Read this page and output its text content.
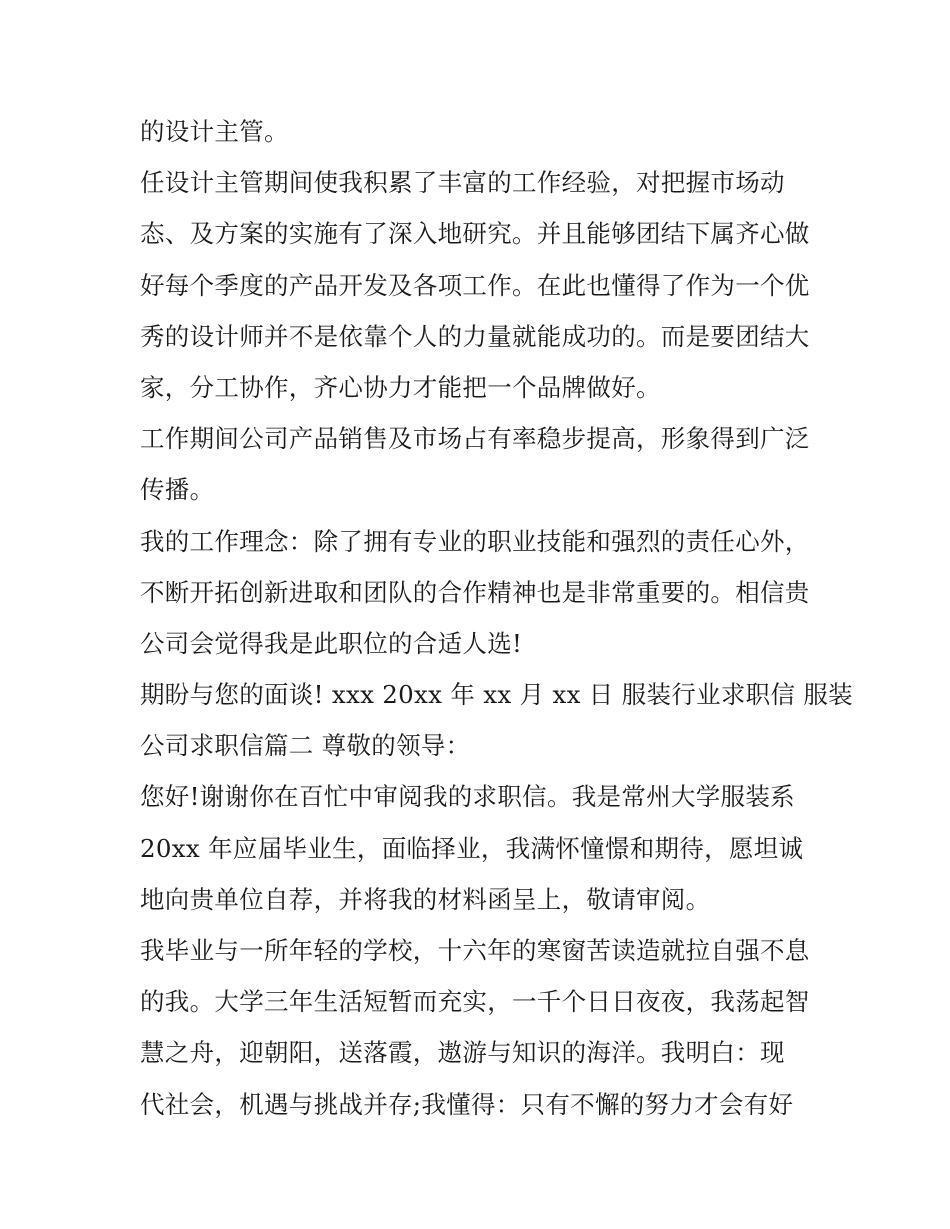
的设计主管。
任设计主管期间使我积累了丰富的工作经验，对把握市场动
态、及方案的实施有了深入地研究。并且能够团结下属齐心做
好每个季度的产品开发及各项工作。在此也懂得了作为一个优
秀的设计师并不是依靠个人的力量就能成功的。而是要团结大
家，分工协作，齐心协力才能把一个品牌做好。
工作期间公司产品销售及市场占有率稳步提高，形象得到广泛
传播。
我的工作理念：除了拥有专业的职业技能和强烈的责任心外，
不断开拓创新进取和团队的合作精神也是非常重要的。相信贵
公司会觉得我是此职位的合适人选!
期盼与您的面谈! xxx 20xx 年 xx 月 xx 日 服装行业求职信 服装
公司求职信篇二 尊敬的领导：
您好!谢谢你在百忙中审阅我的求职信。我是常州大学服装系
20xx 年应届毕业生，面临择业，我满怀憧憬和期待，愿坦诚
地向贵单位自荐，并将我的材料函呈上，敬请审阅。
我毕业与一所年轻的学校，十六年的寒窗苦读造就拉自强不息
的我。大学三年生活短暂而充实，一千个日日夜夜，我荡起智
慧之舟，迎朝阳，送落霞，遨游与知识的海洋。我明白：现
代社会，机遇与挑战并存;我懂得：只有不懈的努力才会有好
